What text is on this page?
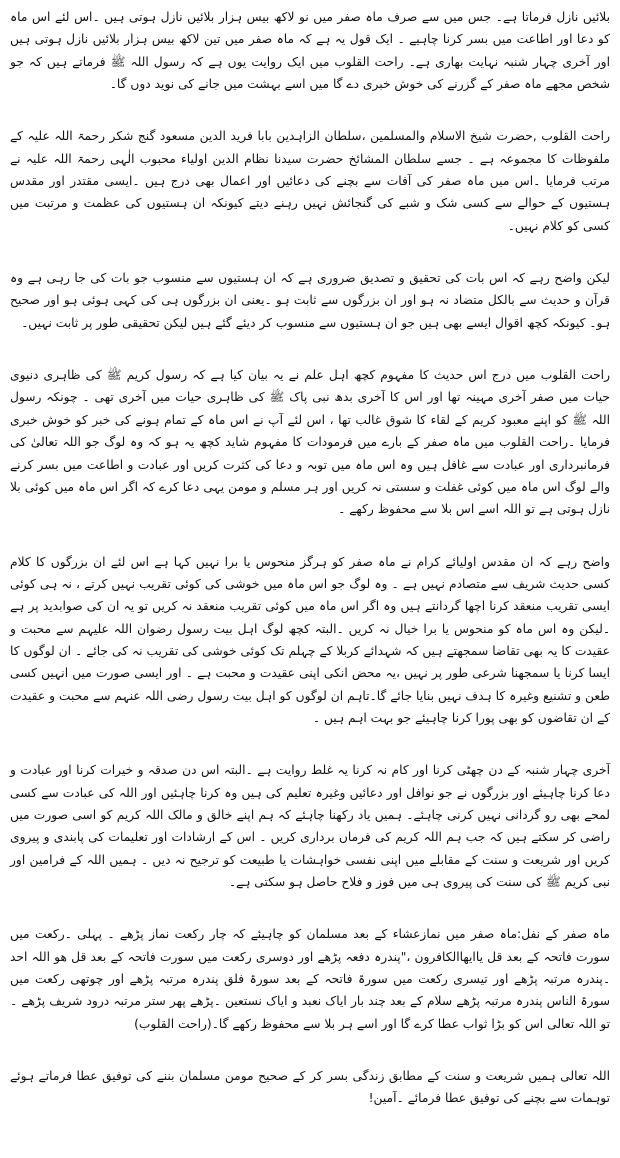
بلائیں نازل فرماتا ہے۔ جس میں سے صرف ماہ صفر میں نو لاکھ بیس ہزار بلائیں نازل ہوتی ہیں ۔اس لئے اس ماہ کو دعا اور اطاعت میں بسر کرنا چاہیے ۔ ایک قول یہ ہے کہ ماہ صفر میں تین لاکھ بیس ہزار بلائیں نازل ہوتی ہیں اور آخری چہار شنبہ نہایت بھاری ہے۔ راحت القلوب میں ایک روایت یوں ہے کہ رسول اللہ ﷺ فرماتے ہیں کہ جو شخص مجھے ماہ صفر کے گزرنے کی خوش خبری دے گا میں اسے بہشت میں جانے کی نوید دوں گا۔

راحت القلوب ,حضرت شیخ الاسلام والمسلمین ،سلطان الزاہدین بابا فرید الدین مسعود گنج شکر رحمۃ اللہ علیہ کے ملفوظات کا مجموعہ ہے ۔ جسے سلطان المشائخ حضرت سیدنا نظام الدین اولیاء محبوب الٰہی رحمۃ اللہ علیہ نے مرتب فرمایا ۔اس میں ماہ صفر کی آفات سے بچنے کی دعائیں اور اعمال بھی درج ہیں ۔ایسی مقتدر اور مقدس ہستیوں کے حوالے سے کسی شک و شبے کی گنجائش نہیں رہنے دیتے کیونکہ ان ہستیوں کی عظمت و مرتبت میں کسی کو کلام نہیں۔

لیکن واضح رہے کہ اس بات کی تحقیق و تصدیق ضروری ہے کہ ان ہستیوں سے منسوب جو بات کی جا رہی ہے وہ قرآن و حدیث سے بالکل متضاد نہ ہو اور ان بزرگوں سے ثابت ہو ۔یعنی ان بزرگوں ہی کی کہی ہوئی ہو اور صحیح ہو۔ کیونکہ کچھ اقوال ایسے بھی ہیں جو ان ہستیوں سے منسوب کر دیئے گئے ہیں لیکن تحقیقی طور پر ثابت نہیں۔

راحت القلوب میں درج اس حدیث کا مفہوم کچھ اہل علم نے یہ بیان کیا ہے کہ رسول کریم ﷺ کی ظاہری دنیوی حیات میں صفر آخری مہینہ تھا اور اس کا آخری بدھ نبی پاک ﷺ کی ظاہری حیات میں آخری تھی ۔ چونکہ رسول اللہ ﷺ کو اپنے معبود کریم کے لقاء کا شوق غالب تھا ، اس لئے آپ نے اس ماہ کے تمام ہونے کی خبر کو خوش خبری فرمایا ۔راحت القلوب میں ماہ صفر کے بارے میں فرمودات کا مفہوم شاید کچھ یہ ہو کہ وہ لوگ جو اللہ تعالیٰ کی فرمانبرداری اور عبادت سے غافل ہیں وہ اس ماہ میں توبہ و دعا کی کثرت کریں اور عبادت و اطاعت میں بسر کرنے والے لوگ اس ماہ میں کوئی غفلت و سستی نہ کریں اور ہر مسلم و مومن یہی دعا کرے کہ اگر اس ماہ میں کوئی بلا نازل ہوتی ہے تو اللہ اسے اس بلا سے محفوظ رکھے ۔

واضح رہے کہ ان مقدس اولیائے کرام نے ماہ صفر کو ہرگز منحوس یا برا نہیں کہا ہے اس لئے ان بزرگوں کا کلام کسی حدیث شریف سے متصادم نہیں ہے ۔ وہ لوگ جو اس ماہ میں خوشی کی کوئی تقریب نہیں کرتے ، نہ ہی کوئی ایسی تقریب منعقد کرنا اچھا گردانتے ہیں وہ اگر اس ماہ میں کوئی تقریب منعقد نہ کریں تو یہ ان کی صوابدید پر ہے ۔لیکن وہ اس ماہ کو منحوس یا برا خیال نہ کریں ۔البتہ کچھ لوگ اہل بیت رسول رضوان اللہ علیہم سے محبت و عقیدت کا یہ بھی تقاضا سمجھتے ہیں کہ شہدائے کربلا کے چہلم تک کوئی خوشی کی تقریب نہ کی جائے ۔ ان لوگوں کا ایسا کرنا یا سمجھنا شرعی طور پر نہیں ،یہ محض انکی اپنی عقیدت و محبت ہے ۔ اور ایسی صورت میں انہیں کسی طعن و تشنیع وغیرہ کا ہدف نہیں بنایا جائے گا۔تاہم ان لوگوں کو اہل بیت رسول رضی اللہ عنہم سے محبت و عقیدت کے ان تقاضوں کو بھی پورا کرنا چاہیئے جو بہت اہم ہیں ۔

آخری چہار شنبہ کے دن چھٹی کرنا اور کام نہ کرنا یہ غلط روایت ہے ۔البتہ اس دن صدقہ و خیرات کرنا اور عبادت و دعا کرنا چاہیئے اور بزرگوں نے جو نوافل اور دعائیں وغیرہ تعلیم کی ہیں وہ کرنا چاہئیں اور اللہ کی عبادت سے کسی لمحے بھی رو گردانی نہیں کرنی چاہئے۔ ہمیں یاد رکھنا چاہئے کہ ہم اپنے خالق و مالک اللہ کریم کو اسی صورت میں راضی کر سکتے ہیں کہ جب ہم اللہ کریم کی فرماں برداری کریں ۔ اس کے ارشادات اور تعلیمات کی پابندی و پیروی کریں اور شریعت و سنت کے مقابلے میں اپنی نفسی خواہشات یا طبیعت کو ترجیح نہ دیں ۔ ہمیں اللہ کے فرامین اور نبی کریم ﷺ کی سنت کی پیروی ہی میں فوز و فلاح حاصل ہو سکتی ہے۔

ماہ صفر کے نفل:ماہ صفر میں نمازعشاء کے بعد مسلمان کو چاہیئے کہ چار رکعت نماز پڑھے ۔ پہلی ۔رکعت میں سورت فاتحہ کے بعد قل یاایھاالکافرون ،"پندرہ دفعہ پڑھے اور دوسری رکعت میں سورت فاتحہ کے بعد قل ھو اللہ احد ۔پندرہ مرتبہ پڑھے اور تیسری رکعت میں سورۃ فاتحہ کے بعد سورۃ فلق پندرہ مرتبہ پڑھے اور چوتھی رکعت میں سورۃ الناس پندرہ مرتبہ پڑھے سلام کے بعد چند بار ایاک نعبد و ایاک نستعین ۔پڑھے پھر ستر مرتبہ درود شریف پڑھے ۔تو اللہ تعالی اس کو بڑا ثواب عطا کرے گا اور اسے ہر بلا سے محفوظ رکھے گا۔(راحت القلوب)

اللہ تعالی ہمیں شریعت و سنت کے مطابق زندگی بسر کر کے صحیح مومن مسلمان بننے کی توفیق عطا فرماتے ہوئے توہمات سے بچنے کی توفیق عطا فرمائے ۔آمین!
